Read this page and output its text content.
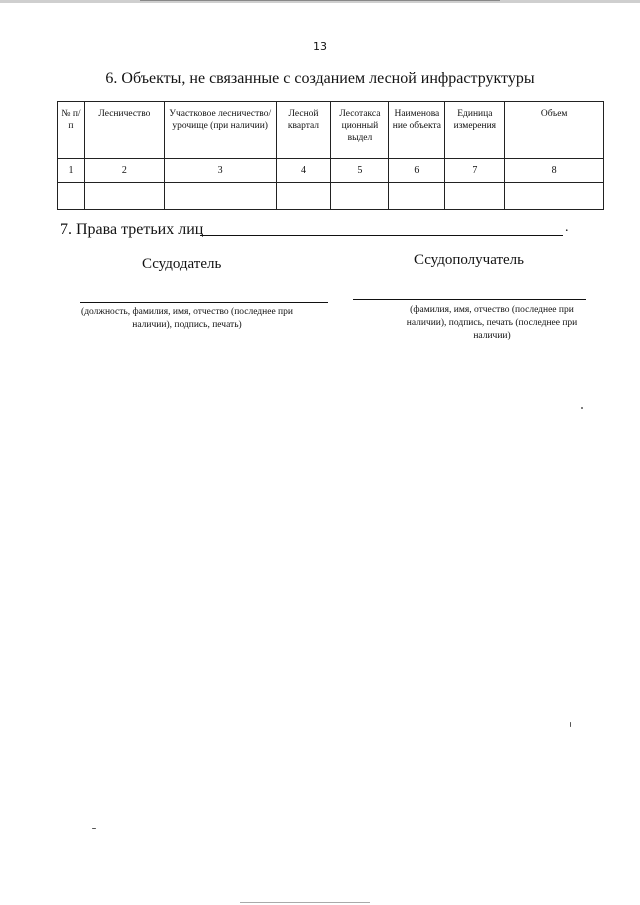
13
6. Объекты, не связанные с созданием лесной инфраструктуры
№ п/п	Лесничество	Участковое лесничество/урочище (при наличии)	Лесной квартал	Лесотакса ционный выдел	Наименова ние объекта	Единица измерения	Объем
1	2	3	4	5	6	7	8

7. Права третьих лиц	.
Ссудодатель	Ссудополучатель
(должность, фамилия, имя, отчество (последнее при наличии), подпись, печать)
(фамилия, имя, отчество (последнее при наличии), подпись, печать (последнее при наличии)
